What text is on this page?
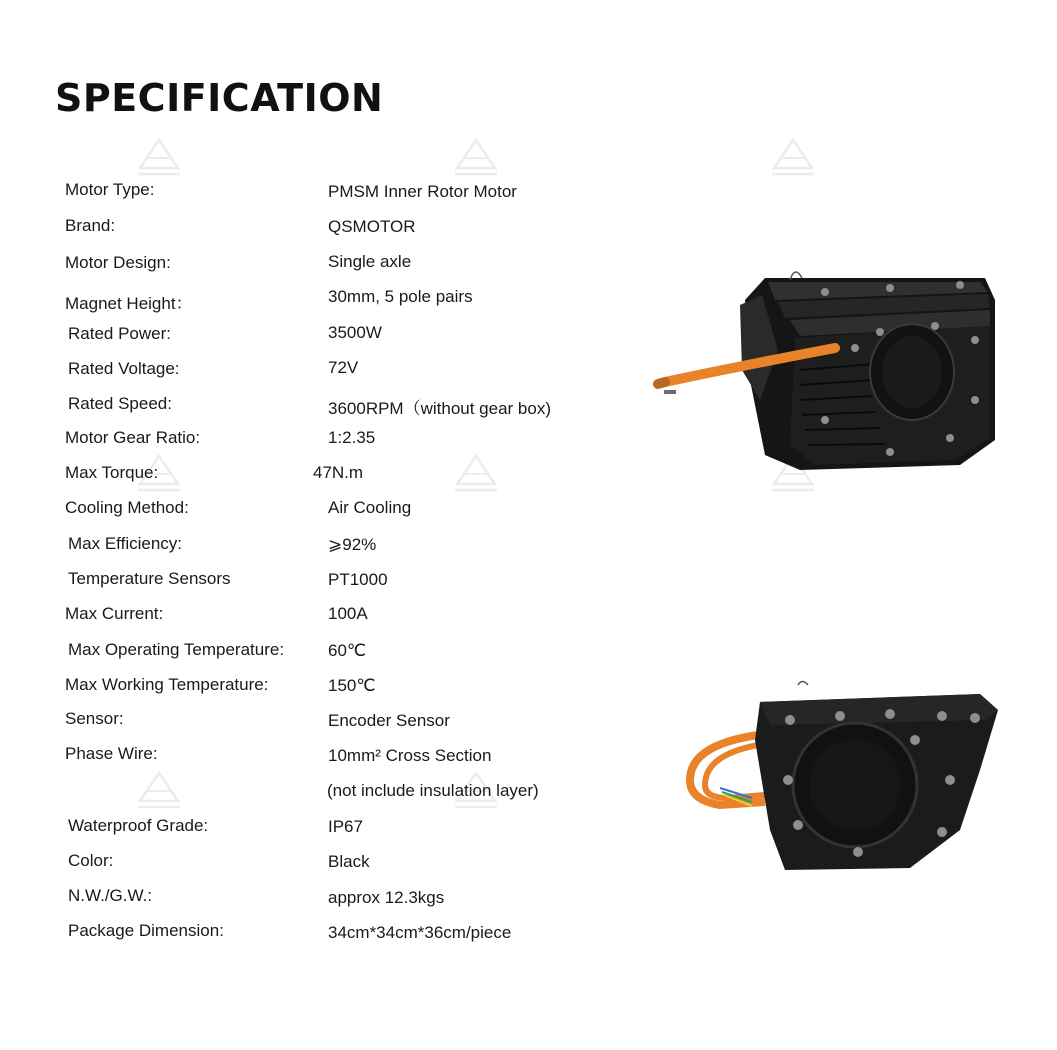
SPECIFICATION
Motor Type:	PMSM Inner Rotor Motor
Brand:	QSMOTOR
Motor Design:	Single axle
Magnet Height：	30mm, 5 pole pairs
Rated Power:	3500W
Rated Voltage:	72V
Rated Speed:	3600RPM（without gear box)
Motor Gear Ratio:	1:2.35
Max Torque:	47N.m
Cooling Method:	Air Cooling
Max Efficiency:	⩾92%
Temperature Sensors	PT1000
Max Current:	100A
Max Operating Temperature:	60℃
Max Working Temperature:	150℃
Sensor:	Encoder Sensor
Phase Wire:	10mm² Cross Section
(not include insulation layer)
Waterproof Grade:	IP67
Color:	Black
N.W./G.W.:	approx 12.3kgs
Package Dimension:	34cm*34cm*36cm/piece
